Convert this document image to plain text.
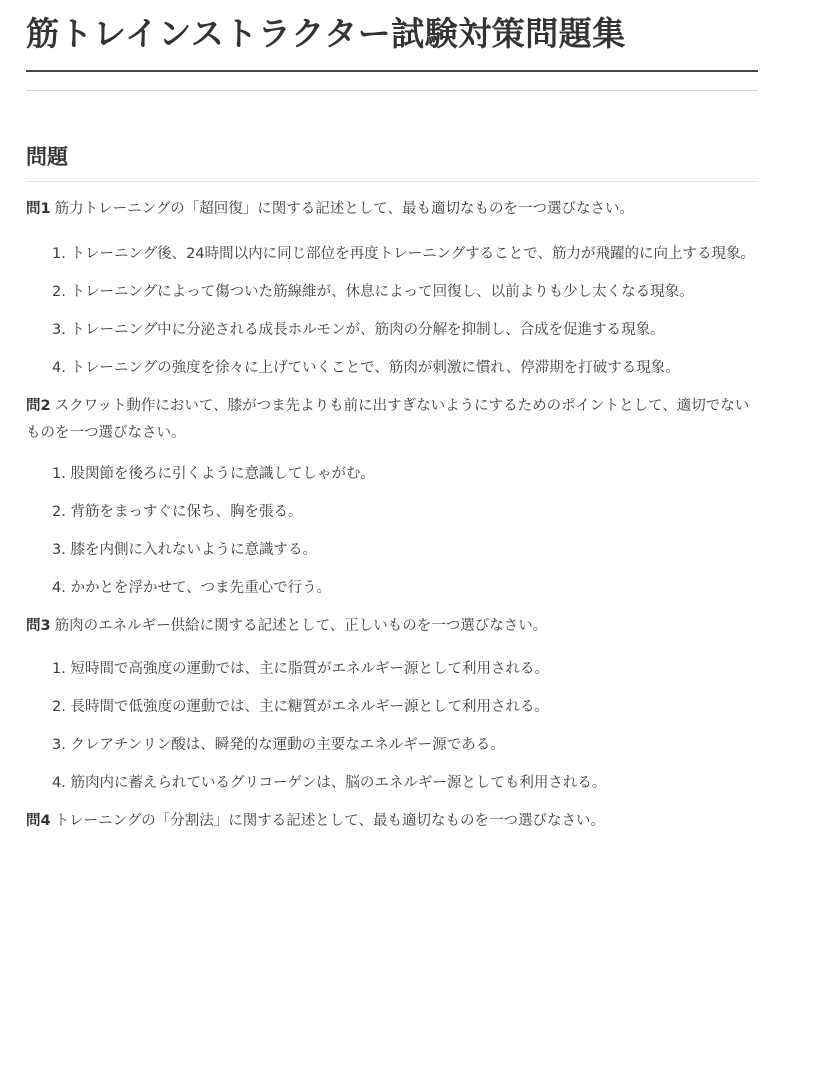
筋トレインストラクター試験対策問題集
問題

問1 筋力トレーニングの「超回復」に関する記述として、最も適切なものを一つ選びなさい。

1. トレーニング後、24時間以内に同じ部位を再度トレーニングすることで、筋力が飛躍的に向上する現象。
2. トレーニングによって傷ついた筋線維が、休息によって回復し、以前よりも少し太くなる現象。
3. トレーニング中に分泌される成長ホルモンが、筋肉の分解を抑制し、合成を促進する現象。
4. トレーニングの強度を徐々に上げていくことで、筋肉が刺激に慣れ、停滞期を打破する現象。

問2 スクワット動作において、膝がつま先よりも前に出すぎないようにするためのポイントとして、適切でないものを一つ選びなさい。

1. 股関節を後ろに引くように意識してしゃがむ。
2. 背筋をまっすぐに保ち、胸を張る。
3. 膝を内側に入れないように意識する。
4. かかとを浮かせて、つま先重心で行う。

問3 筋肉のエネルギー供給に関する記述として、正しいものを一つ選びなさい。

1. 短時間で高強度の運動では、主に脂質がエネルギー源として利用される。
2. 長時間で低強度の運動では、主に糖質がエネルギー源として利用される。
3. クレアチンリン酸は、瞬発的な運動の主要なエネルギー源である。
4. 筋肉内に蓄えられているグリコーゲンは、脳のエネルギー源としても利用される。

問4 トレーニングの「分割法」に関する記述として、最も適切なものを一つ選びなさい。
